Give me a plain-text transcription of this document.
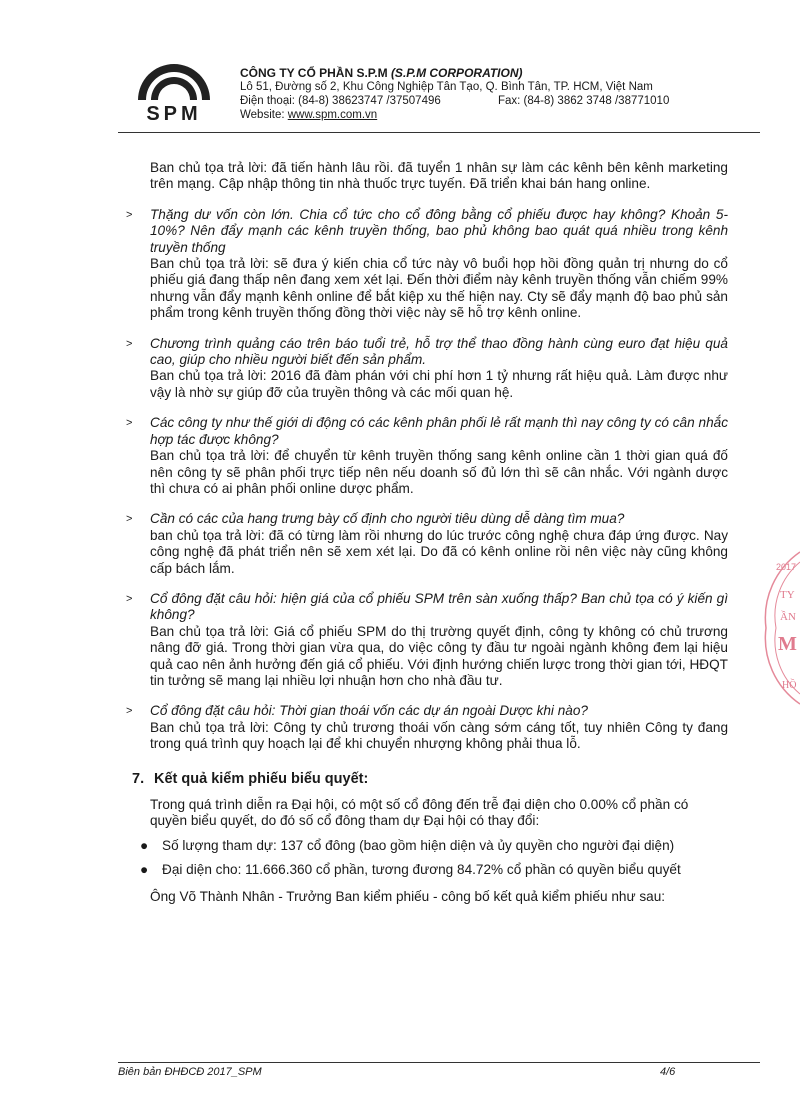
SPM
CÔNG TY CỔ PHẦN S.P.M (S.P.M CORPORATION)
Lô 51, Đường số 2, Khu Công Nghiệp Tân Tạo, Q. Bình Tân, TP. HCM, Việt Nam
Điện thoại: (84-8) 38623747 /37507496	Fax: (84-8) 3862 3748 /38771010
Website: www.spm.com.vn

Ban chủ tọa trả lời: đã tiến hành lâu rồi. đã tuyển 1 nhân sự làm các kênh bên kênh marketing trên mạng. Cập nhập thông tin nhà thuốc trực tuyến. Đã triển khai bán hang online.

> Thặng dư vốn còn lớn. Chia cổ tức cho cổ đông bằng cổ phiếu được hay không? Khoản 5-10%? Nên đẩy mạnh các kênh truyền thống, bao phủ không bao quát quá nhiều trong kênh truyền thống

Ban chủ tọa trả lời: sẽ đưa ý kiến chia cổ tức này vô buổi họp hồi đồng quản trị nhưng do cổ phiếu giá đang thấp nên đang xem xét lại. Đến thời điểm này kênh truyền thống vẫn chiếm 99% nhưng vẫn đẩy mạnh kênh online để bắt kiệp xu thế hiện nay. Cty sẽ đẩy mạnh độ bao phủ sản phẩm trong kênh truyền thống đồng thời việc này sẽ hỗ trợ kênh online.

> Chương trình quảng cáo trên báo tuổi trẻ, hỗ trợ thể thao đồng hành cùng euro đạt hiệu quả cao, giúp cho nhiều người biết đến sản phẩm.

Ban chủ tọa trả lời: 2016 đã đàm phán với chi phí hơn 1 tỷ nhưng rất hiệu quả. Làm được như vậy là nhờ sự giúp đỡ của truyền thông và các mối quan hệ.

> Các công ty như thế giới di động có các kênh phân phối lẻ rất mạnh thì nay công ty có cân nhắc hợp tác được không?

Ban chủ tọa trả lời: để chuyển từ kênh truyền thống sang kênh online cần 1 thời gian quá đố nên công ty sẽ phân phối trực tiếp nên nếu doanh số đủ lớn thì sẽ cân nhắc. Với ngành dược thì chưa có ai phân phối online dược phẩm.

> Cần có các của hang trưng bày cố định cho người tiêu dùng dễ dàng tìm mua?

ban chủ tọa trả lời: đã có từng làm rồi nhưng do lúc trước công nghệ chưa đáp ứng được. Nay công nghệ đã phát triển nên sẽ xem xét lại. Do đã có kênh online rồi nên việc này cũng không cấp bách lắm.

> Cổ đông đặt câu hỏi: hiện giá của cổ phiếu SPM trên sàn xuống thấp? Ban chủ tọa có ý kiến gì không?

Ban chủ tọa trả lời: Giá cổ phiếu SPM do thị trường quyết định, công ty không có chủ trương nâng đỡ giá. Trong thời gian vừa qua, do việc công ty đầu tư ngoài ngành không đem lại hiệu quả cao nên ảnh hưởng đến giá cổ phiếu. Với định hướng chiến lược trong thời gian tới, HĐQT tin tưởng sẽ mang lại nhiều lợi nhuận hơn cho nhà đầu tư.

> Cổ đông đặt câu hỏi: Thời gian thoái vốn các dự án ngoài Dược khi nào?

Ban chủ tọa trả lời: Công ty chủ trương thoái vốn càng sớm cáng tốt, tuy nhiên Công ty đang trong quá trình quy hoạch lại để khi chuyển nhượng không phải thua lỗ.

7. Kết quả kiểm phiếu biểu quyết:

Trong quá trình diễn ra Đại hội, có một số cổ đông đến trễ đại diện cho 0.00% cổ phần có quyền biểu quyết, do đó số cổ đông tham dự Đại hội có thay đổi:

● Số lượng tham dự: 137 cổ đông (bao gồm hiện diện và ủy quyền cho người đại diện)
● Đại diện cho: 11.666.360 cổ phần, tương đương 84.72% cổ phần có quyền biểu quyết

Ông Võ Thành Nhân - Trưởng Ban kiểm phiếu - công bố kết quả kiểm phiếu như sau:

2017
TY
ẦN
M
HỒ
Biên bản ĐHĐCĐ 2017_SPM	4/6
